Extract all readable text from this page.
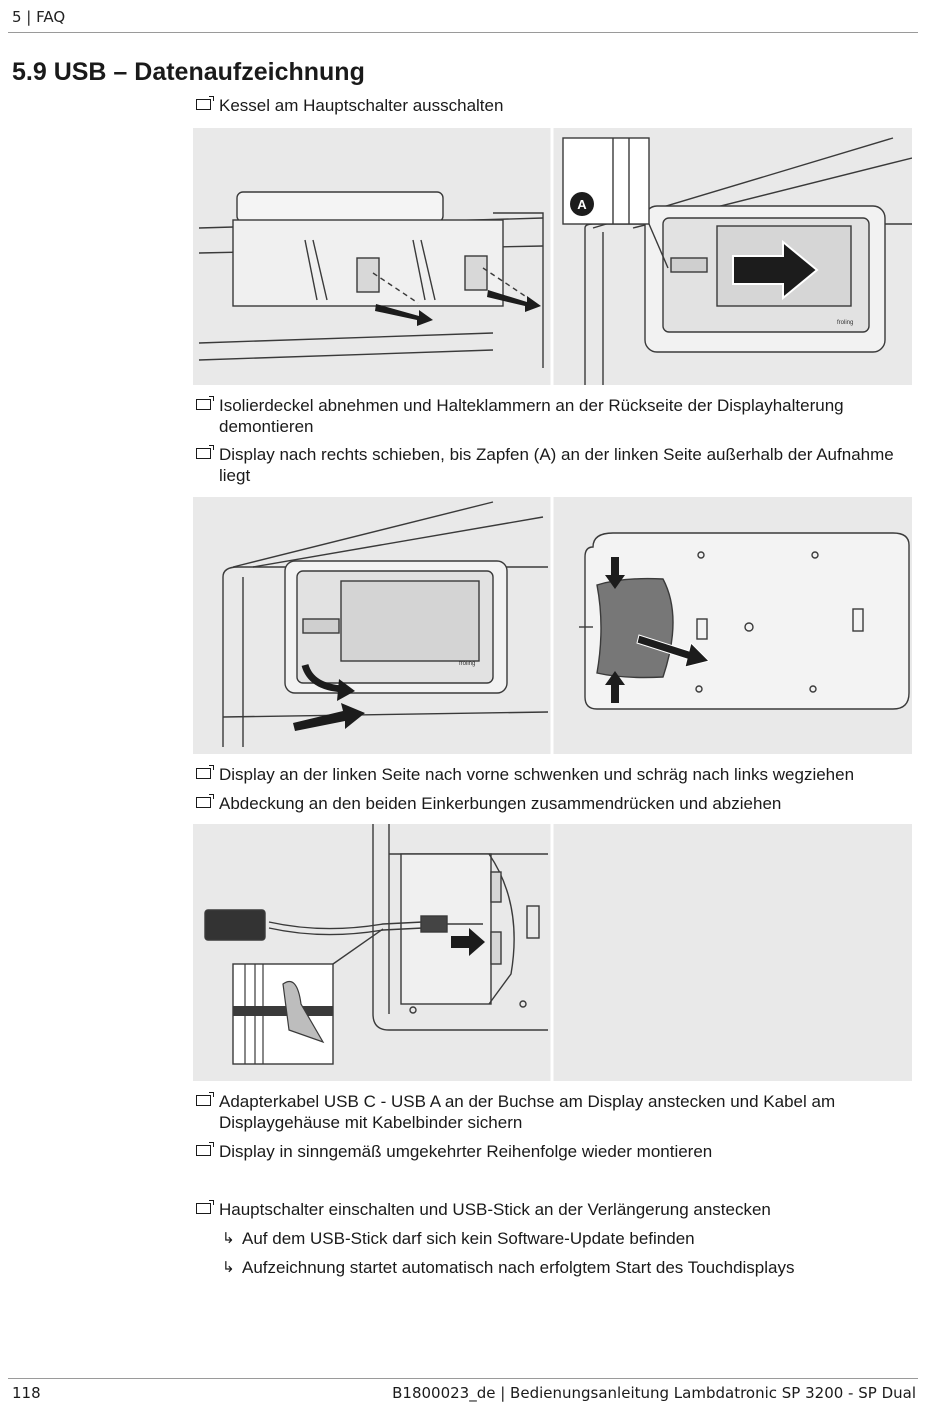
5 | FAQ
5.9 USB – Datenaufzeichnung
Kessel am Hauptschalter ausschalten
A
froling
Isolierdeckel abnehmen und Halteklammern an der Rückseite der Displayhalterung demontieren
Display nach rechts schieben, bis Zapfen (A) an der linken Seite außerhalb der Aufnahme liegt
froling
Display an der linken Seite nach vorne schwenken und schräg nach links wegziehen
Abdeckung an den beiden Einkerbungen zusammendrücken und abziehen
Adapterkabel USB C - USB A an der Buchse am Display anstecken und Kabel am Displaygehäuse mit Kabelbinder sichern
Display in sinngemäß umgekehrter Reihenfolge wieder montieren
Hauptschalter einschalten und USB-Stick an der Verlängerung anstecken
↳ Auf dem USB-Stick darf sich kein Software-Update befinden
↳ Aufzeichnung startet automatisch nach erfolgtem Start des Touchdisplays
118	B1800023_de | Bedienungsanleitung Lambdatronic SP 3200 - SP Dual
